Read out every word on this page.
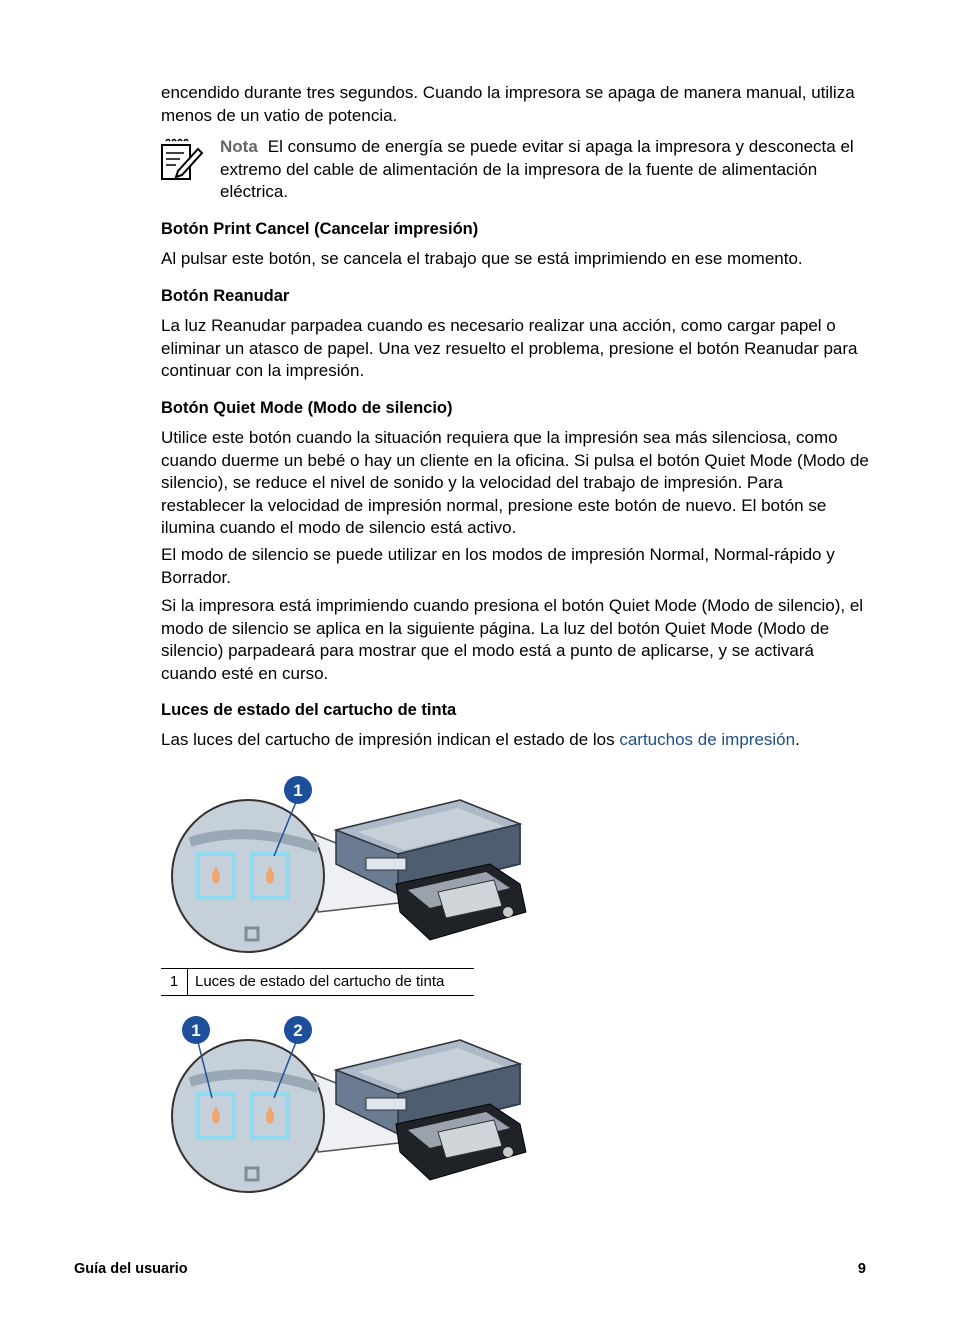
encendido durante tres segundos. Cuando la impresora se apaga de manera manual, utiliza menos de un vatio de potencia.

Nota El consumo de energía se puede evitar si apaga la impresora y desconecta el extremo del cable de alimentación de la impresora de la fuente de alimentación eléctrica.

Botón Print Cancel (Cancelar impresión)

Al pulsar este botón, se cancela el trabajo que se está imprimiendo en ese momento.

Botón Reanudar

La luz Reanudar parpadea cuando es necesario realizar una acción, como cargar papel o eliminar un atasco de papel. Una vez resuelto el problema, presione el botón Reanudar para continuar con la impresión.

Botón Quiet Mode (Modo de silencio)

Utilice este botón cuando la situación requiera que la impresión sea más silenciosa, como cuando duerme un bebé o hay un cliente en la oficina. Si pulsa el botón Quiet Mode (Modo de silencio), se reduce el nivel de sonido y la velocidad del trabajo de impresión. Para restablecer la velocidad de impresión normal, presione este botón de nuevo. El botón se ilumina cuando el modo de silencio está activo.

El modo de silencio se puede utilizar en los modos de impresión Normal, Normal-rápido y Borrador.

Si la impresora está imprimiendo cuando presiona el botón Quiet Mode (Modo de silencio), el modo de silencio se aplica en la siguiente página. La luz del botón Quiet Mode (Modo de silencio) parpadeará para mostrar que el modo está a punto de aplicarse, y se activará cuando esté en curso.

Luces de estado del cartucho de tinta

Las luces del cartucho de impresión indican el estado de los cartuchos de impresión.

1
1	Luces de estado del cartucho de tinta
1	2
Guía del usuario	9
